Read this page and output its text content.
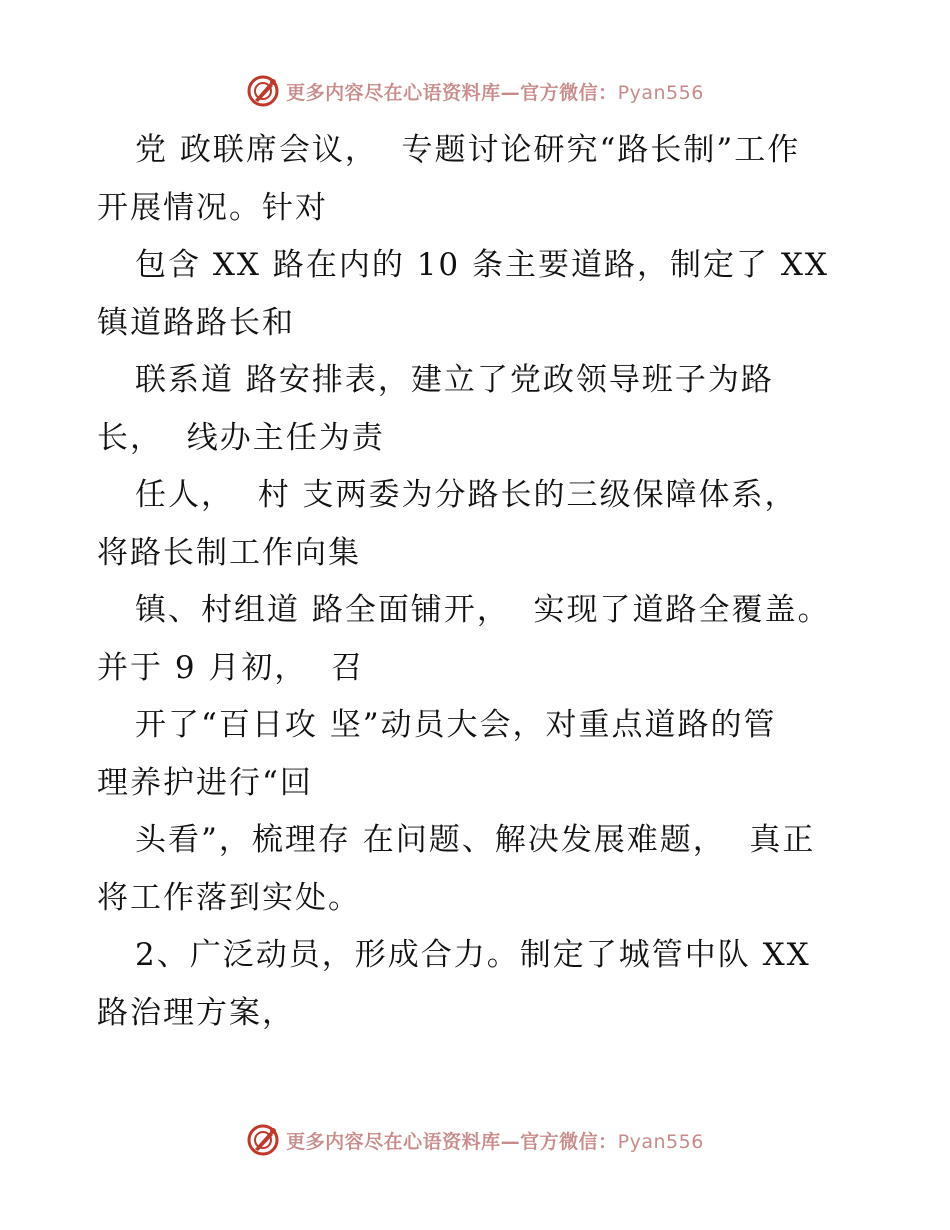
更多内容尽在心语资料库—官方微信：Pyan556
党 政联席会议，  专题讨论研究“路长制”工作
开展情况。针对
包含 XX 路在内的 10 条主要道路，制定了 XX
镇道路路长和
联系道 路安排表，建立了党政领导班子为路
长，  线办主任为责
任人，  村 支两委为分路长的三级保障体系，
将路长制工作向集
镇、村组道 路全面铺开，  实现了道路全覆盖。
并于 9 月初，  召
开了“百日攻 坚”动员大会，对重点道路的管
理养护进行“回
头看”，梳理存 在问题、解决发展难题，  真正
将工作落到实处。
2、广泛动员，形成合力。制定了城管中队 XX
路治理方案，
更多内容尽在心语资料库—官方微信：Pyan556
